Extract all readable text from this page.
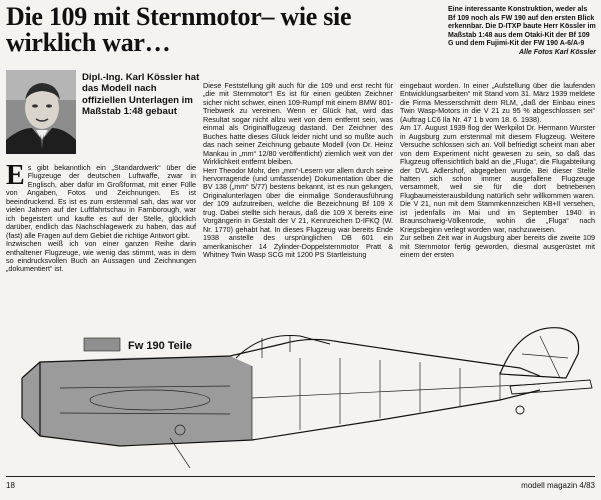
Die 109 mit Sternmotor– wie sie wirklich war…
Eine interessante Konstruktion, weder als Bf 109 noch als FW 190 auf den ersten Blick erkennbar. Die D-ITXP baute Herr Kössler im Maßstab 1:48 aus dem Otaki-Kit der Bf 109 G und dem Fujimi-Kit der FW 190 A-6/A-9
Alle Fotos Karl Kössler
Dipl.-Ing. Karl Kössler hat das Modell nach offiziellen Unterlagen im Maßstab 1:48 gebaut
E s gibt bekanntlich ein „Standardwerk“ über die Flugzeuge der deutschen Luftwaffe, zwar in Englisch, aber dafür im Großformat, mit einer Fülle von Angaben, Fotos und Zeichnungen. Es ist beeindruckend. Es ist es zum erstenmal sah, das war vor vielen Jahren auf der Luftfahrtschau in Farnborough, war ich begeistert und kaufte es auf der Stelle, glücklich darüber, endlich das Nachschlagewerk zu haben, das auf (fast) alle Fragen auf dem Gebiet die richtige Antwort gibt.

Inzwischen weiß ich von einer ganzen Reihe darin enthaltener Flugzeuge, wie wenig das stimmt, was in dem so eindrucksvollen Buch an Aussagen und Zeichnungen „dokumentiert“ ist.

Diese Feststellung gilt auch für die 109 und erst recht für „die mit Sternmotor“! Es ist für einen geübten Zeichner sicher nicht schwer, einen 109-Rumpf mit einem BMW 801-Triebwerk zu vereinen. Wenn er Glück hat, wird das Resultat sogar nicht allzu weit von dem entfernt sein, was einmal als Originalflugzeug dastand. Der Zeichner des Buches hatte dieses Glück leider nicht und so mußte auch das nach seiner Zeichnung gebaute Modell (von Dr. Heinz Mankau in „mm“ 12/80 veröffentlicht) ziemlich weit von der Wirklichkeit entfernt bleiben.

Herr Theodor Mohr, den „mm“-Lesern vor allem durch seine hervorragende (und umfassende) Dokumentation über die BV 138 („mm“ 5/77) bestens bekannt, ist es nun gelungen, Originalunterlagen über die einmalige Sonderausführung der 109 aufzutreiben, welche die Bezeichnung Bf 109 X trug. Dabei stellte sich heraus, daß die 109 X bereits eine Vorgängerin in Gestalt der V 21, Kennzeichen D-IFKQ (W. Nr. 1770) gehabt hat. In dieses Flugzeug war bereits Ende 1938 anstelle des ursprünglichen DB 601 ein amerikanischer 14 Zylinder-Doppelsternmotor Pratt & Whitney Twin Wasp SCG mit 1200 PS Startleistung

eingebaut worden. In einer „Aufstellung über die laufenden Entwicklungsarbeiten“ mit Stand vom 31. März 1939 meldete die Firma Messerschmitt dem RLM, „daß der Einbau eines Twin Wasp-Motors in die V 21 zu 95 % abgeschlossen sei“ (Auftrag LC6 Ila Nr. 47 1 b vom 18. 6. 1938).

Am 17. August 1939 flog der Werkpilot Dr. Hermann Wurster in Augsburg zum erstenmal mit diesem Flugzeug. Weitere Versuche schlossen sich an. Voll befriedigt scheint man aber von dem Experiment nicht gewesen zu sein, so daß das Flugzeug offensichtlich bald an die „Flugа“, die Flugabteilung der DVL Adlershof, abgegeben wurde. Bei dieser Stelle hatten sich schon immer ausgefallene Flugzeuge versammelt, weil sie für die dort betriebenen Flugbaumeisterausbildung natürlich sehr willkommen waren. Die V 21, nun mit dem Stammkennzeichen KB+II versehen, ist jedenfalls im Mai und im September 1940 in Braunschweig-Völkenrode, wohin die „Fluga“ nach Kriegsbeginn verlegt worden war, nachzuweisen.

Zur selben Zeit war in Augsburg aber bereits die zweite 109 mit Sternmotor fertig geworden, diesmal ausgerüstet mit einem der ersten

Fw 190 Teile
18	modell magazin 4/83
